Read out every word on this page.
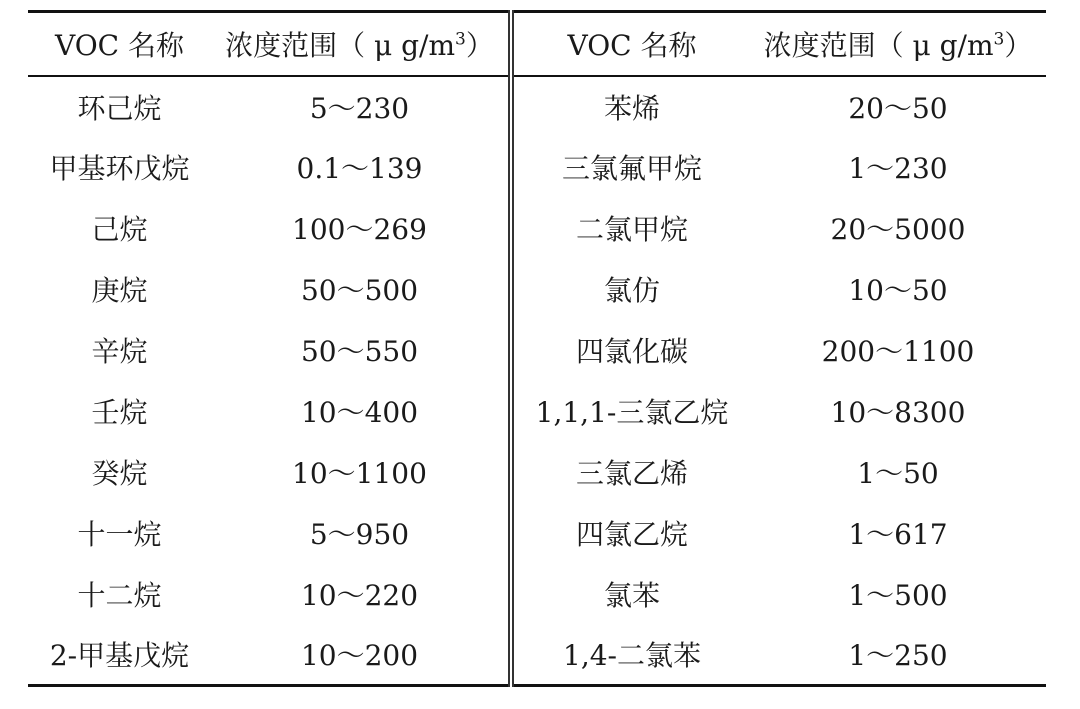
VOC 名称	浓度范围（ μ $g/m^3$）	VOC 名称	浓度范围（ μ $g/m^3$）
环己烷	5～230	苯烯	20～50
甲基环戊烷	0.1～139	三氯氟甲烷	1～230
己烷	100～269	二氯甲烷	20～5000
庚烷	50～500	氯仿	10～50
辛烷	50～550	四氯化碳	200～1100
壬烷	10～400	1,1,1-三氯乙烷	10～8300
癸烷	10～1100	三氯乙烯	1～50
十一烷	5～950	四氯乙烷	1～617
十二烷	10～220	氯苯	1～500
2-甲基戊烷	10～200	1,4-二氯苯	1～250
